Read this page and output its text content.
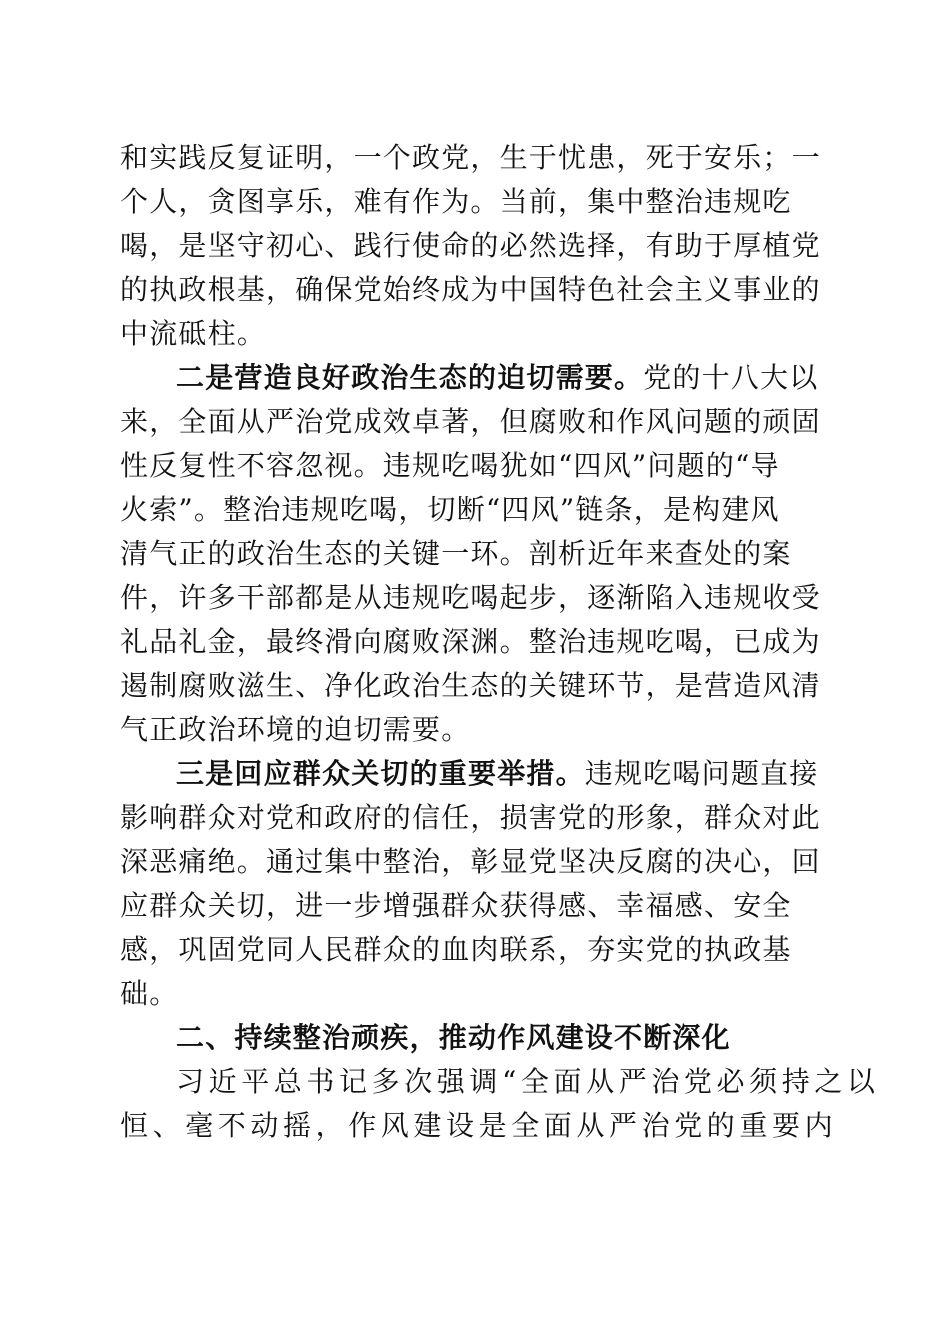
和实践反复证明，一个政党，生于忧患，死于安乐；一
个人，贪图享乐，难有作为。当前，集中整治违规吃
喝，是坚守初心、践行使命的必然选择，有助于厚植党
的执政根基，确保党始终成为中国特色社会主义事业的
中流砥柱。
二是营造良好政治生态的迫切需要。党的十八大以
来，全面从严治党成效卓著，但腐败和作风问题的顽固
性反复性不容忽视。违规吃喝犹如“四风”问题的“导
火索”。整治违规吃喝，切断“四风”链条，是构建风
清气正的政治生态的关键一环。剖析近年来查处的案
件，许多干部都是从违规吃喝起步，逐渐陷入违规收受
礼品礼金，最终滑向腐败深渊。整治违规吃喝，已成为
遏制腐败滋生、净化政治生态的关键环节，是营造风清
气正政治环境的迫切需要。
三是回应群众关切的重要举措。违规吃喝问题直接
影响群众对党和政府的信任，损害党的形象，群众对此
深恶痛绝。通过集中整治，彰显党坚决反腐的决心，回
应群众关切，进一步增强群众获得感、幸福感、安全
感，巩固党同人民群众的血肉联系，夯实党的执政基
础。
二、持续整治顽疾，推动作风建设不断深化
习近平总书记多次强调“全面从严治党必须持之以
恒、毫不动摇，作风建设是全面从严治党的重要内
